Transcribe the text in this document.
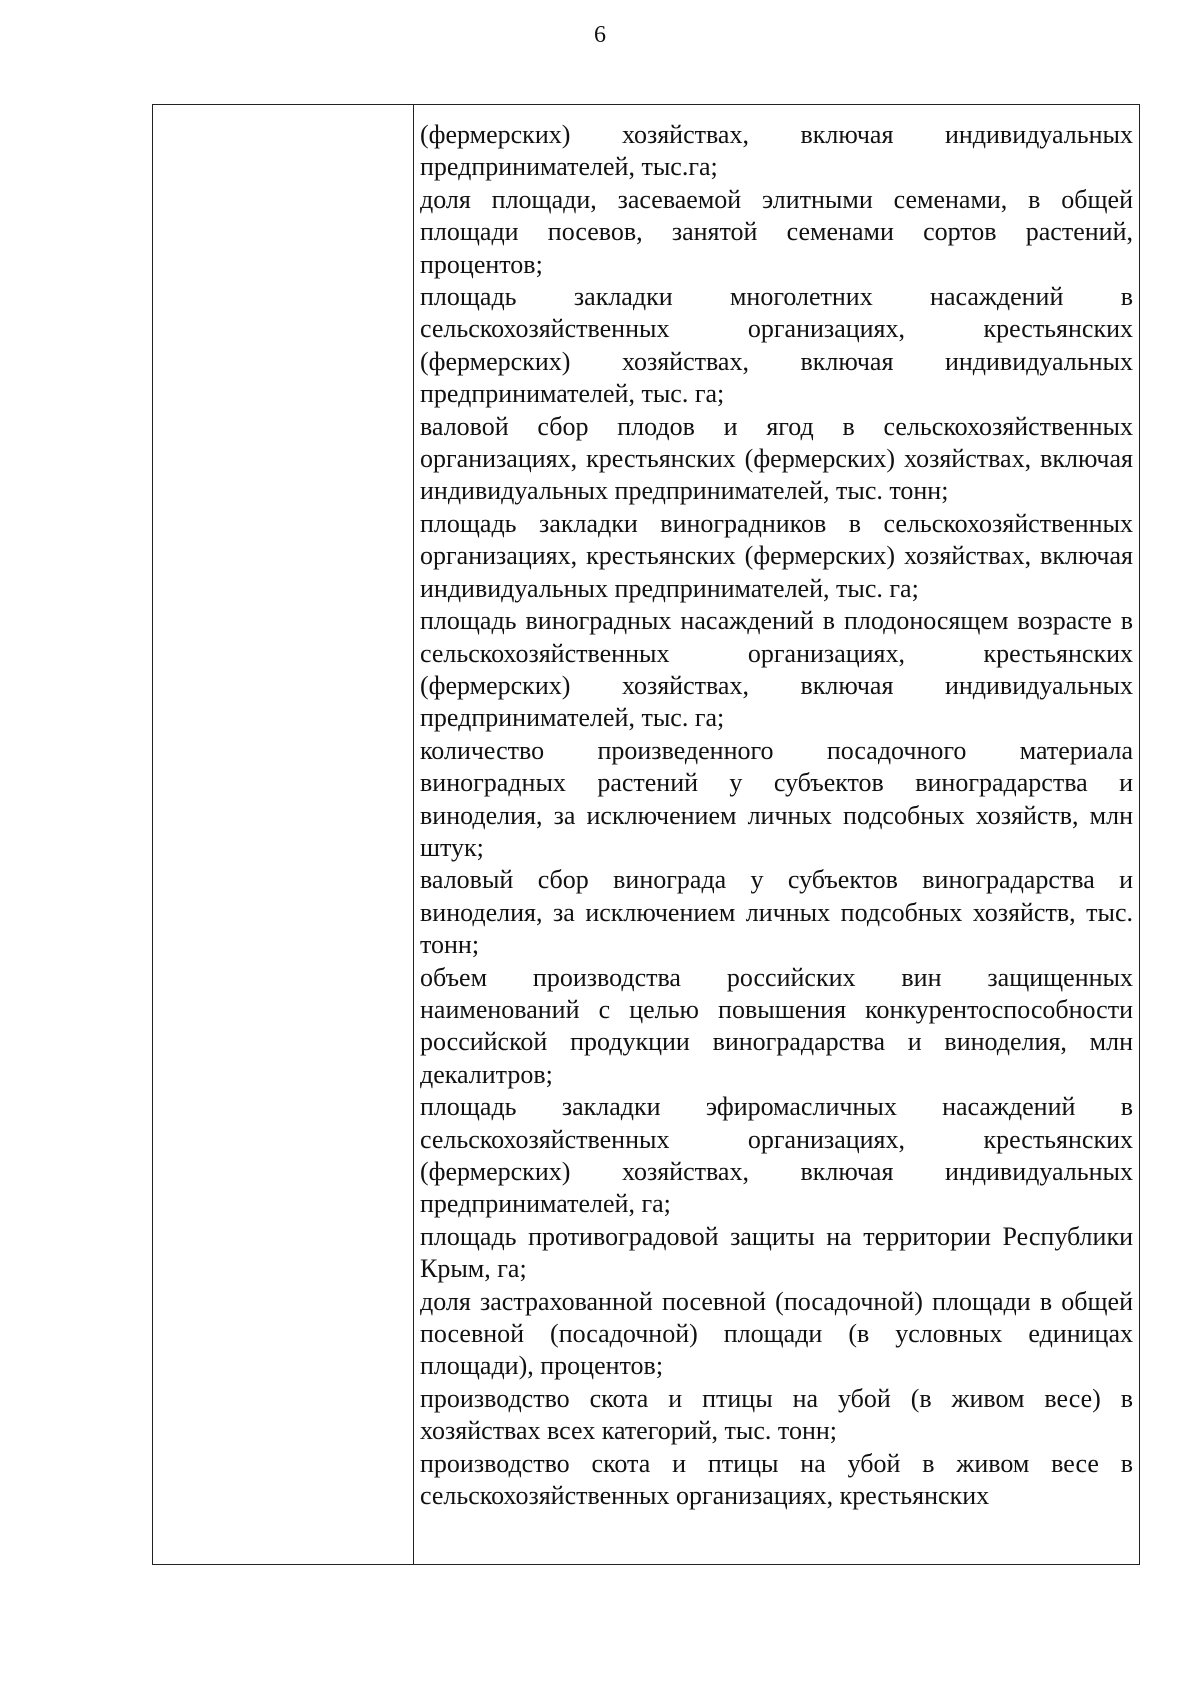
6

(фермерских) хозяйствах, включая индивидуальных предпринимателей, тыс.га;

доля площади, засеваемой элитными семенами, в общей площади посевов, занятой семенами сортов растений, процентов;

площадь закладки многолетних насаждений в сельскохозяйственных организациях, крестьянских (фермерских) хозяйствах, включая индивидуальных предпринимателей, тыс. га;

валовой сбор плодов и ягод в сельскохозяйственных организациях, крестьянских (фермерских) хозяйствах, включая индивидуальных предпринимателей, тыс. тонн;

площадь закладки виноградников в сельскохозяйственных организациях, крестьянских (фермерских) хозяйствах, включая индивидуальных предпринимателей, тыс. га;

площадь виноградных насаждений в плодоносящем возрасте в сельскохозяйственных организациях, крестьянских (фермерских) хозяйствах, включая индивидуальных предпринимателей, тыс. га;

количество произведенного посадочного материала виноградных растений у субъектов виноградарства и виноделия, за исключением личных подсобных хозяйств, млн штук;

валовый сбор винограда у субъектов виноградарства и виноделия, за исключением личных подсобных хозяйств, тыс. тонн;

объем производства российских вин защищенных наименований с целью повышения конкурентоспособности российской продукции виноградарства и виноделия, млн декалитров;

площадь закладки эфиромасличных насаждений в сельскохозяйственных организациях, крестьянских (фермерских) хозяйствах, включая индивидуальных предпринимателей, га;

площадь противоградовой защиты на территории Республики Крым, га;

доля застрахованной посевной (посадочной) площади в общей посевной (посадочной) площади (в условных единицах площади), процентов;

производство скота и птицы на убой (в живом весе) в хозяйствах всех категорий, тыс. тонн;

производство скота и птицы на убой в живом весе в сельскохозяйственных организациях, крестьянских
